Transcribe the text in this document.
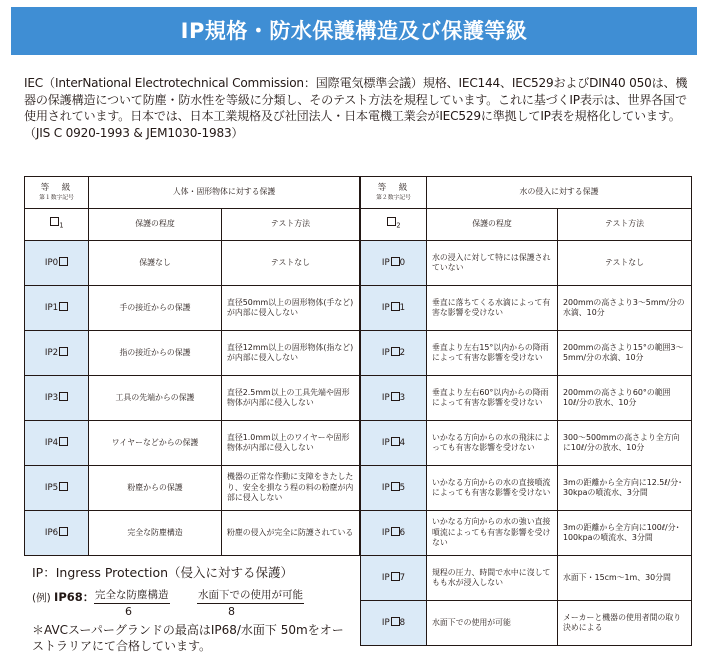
IP規格・防水保護構造及び保護等級
IEC（InterNational Electrotechnical Commission：国際電気標準会議）規格、IEC144、IEC529およびDIN40 050は、機器の保護構造について防塵・防水性を等級に分類し、そのテスト方法を規程しています。これに基づくIP表示は、世界各国で使用されています。日本では、日本工業規格及び社団法人・日本電機工業会がIEC529に準拠してIP表を規格化しています。（JIS C 0920-1993 & JEM1030-1983）
等　級
第１数字記号	人体・固形物体に対する保護	
$_1$	保護の程度	テスト方法
IP0	保護なし	テストなし
IP1	手の接近からの保護	直径50mm以上の固形物体(手など)が内部に侵入しない
IP2	指の接近からの保護	直径12mm以上の固形物体(指など)が内部に侵入しない
IP3	工具の先端からの保護	直径2.5mm以上の工具先端や固形物体が内部に侵入しない
IP4	ワイヤーなどからの保護	直径1.0mm以上のワイヤーや固形物体が内部に侵入しない
IP5	粉塵からの保護	機器の正常な作動に支障をきたしたり、安全を損なう程の料の粉塵が内部に侵入しない
IP6	完全な防塵構造	粉塵の侵入が完全に防護されている
等　級
第２数字記号	水の侵入に対する保護	
$_2$	保護の程度	テスト方法
IP 0	水の浸入に対して特には保護されていない	テストなし
IP 1	垂直に落ちてくる水滴によって有害な影響を受けない	200mmの高さより3～5mm/分の水滴、10分
IP 2	垂直より左右15°以内からの降雨によって有害な影響を受けない	200mmの高さより15°の範囲3～5mm/分の水滴、10分
IP 3	垂直より左右60°以内からの降雨によって有害な影響を受けない	200mmの高さより60°の範囲10ℓ/分の放水、10分
IP 4	いかなる方向からの水の飛沫によっても有害な影響を受けない	300～500mmの高さより全方向に10ℓ/分の放水、10分
IP 5	いかなる方向からの水の直接噴流によっても有害な影響を受けない	3mの距離から全方向に12.5ℓ/分･30kpaの噴流水、3分間
IP 6	いかなる方向からの水の強い直接噴流によっても有害な影響を受けない	3mの距離から全方向に100ℓ/分･100kpaの噴流水、3分間
IP 7	規程の圧力、時間で水中に沒してもも水が浸入しない	水面下・15cm～1m、30分間
IP 8	水面下での使用が可能	メーカーと機器の使用者間の取り決めによる
IP：Ingress Protection（侵入に対する保護）
(例) IP68： 完全な防塵構造	水面下での使用が可能
6	8
＊AVCスーパーグランドの最高はIP68/水面下 50mをオーストラリアにて合格しています。
